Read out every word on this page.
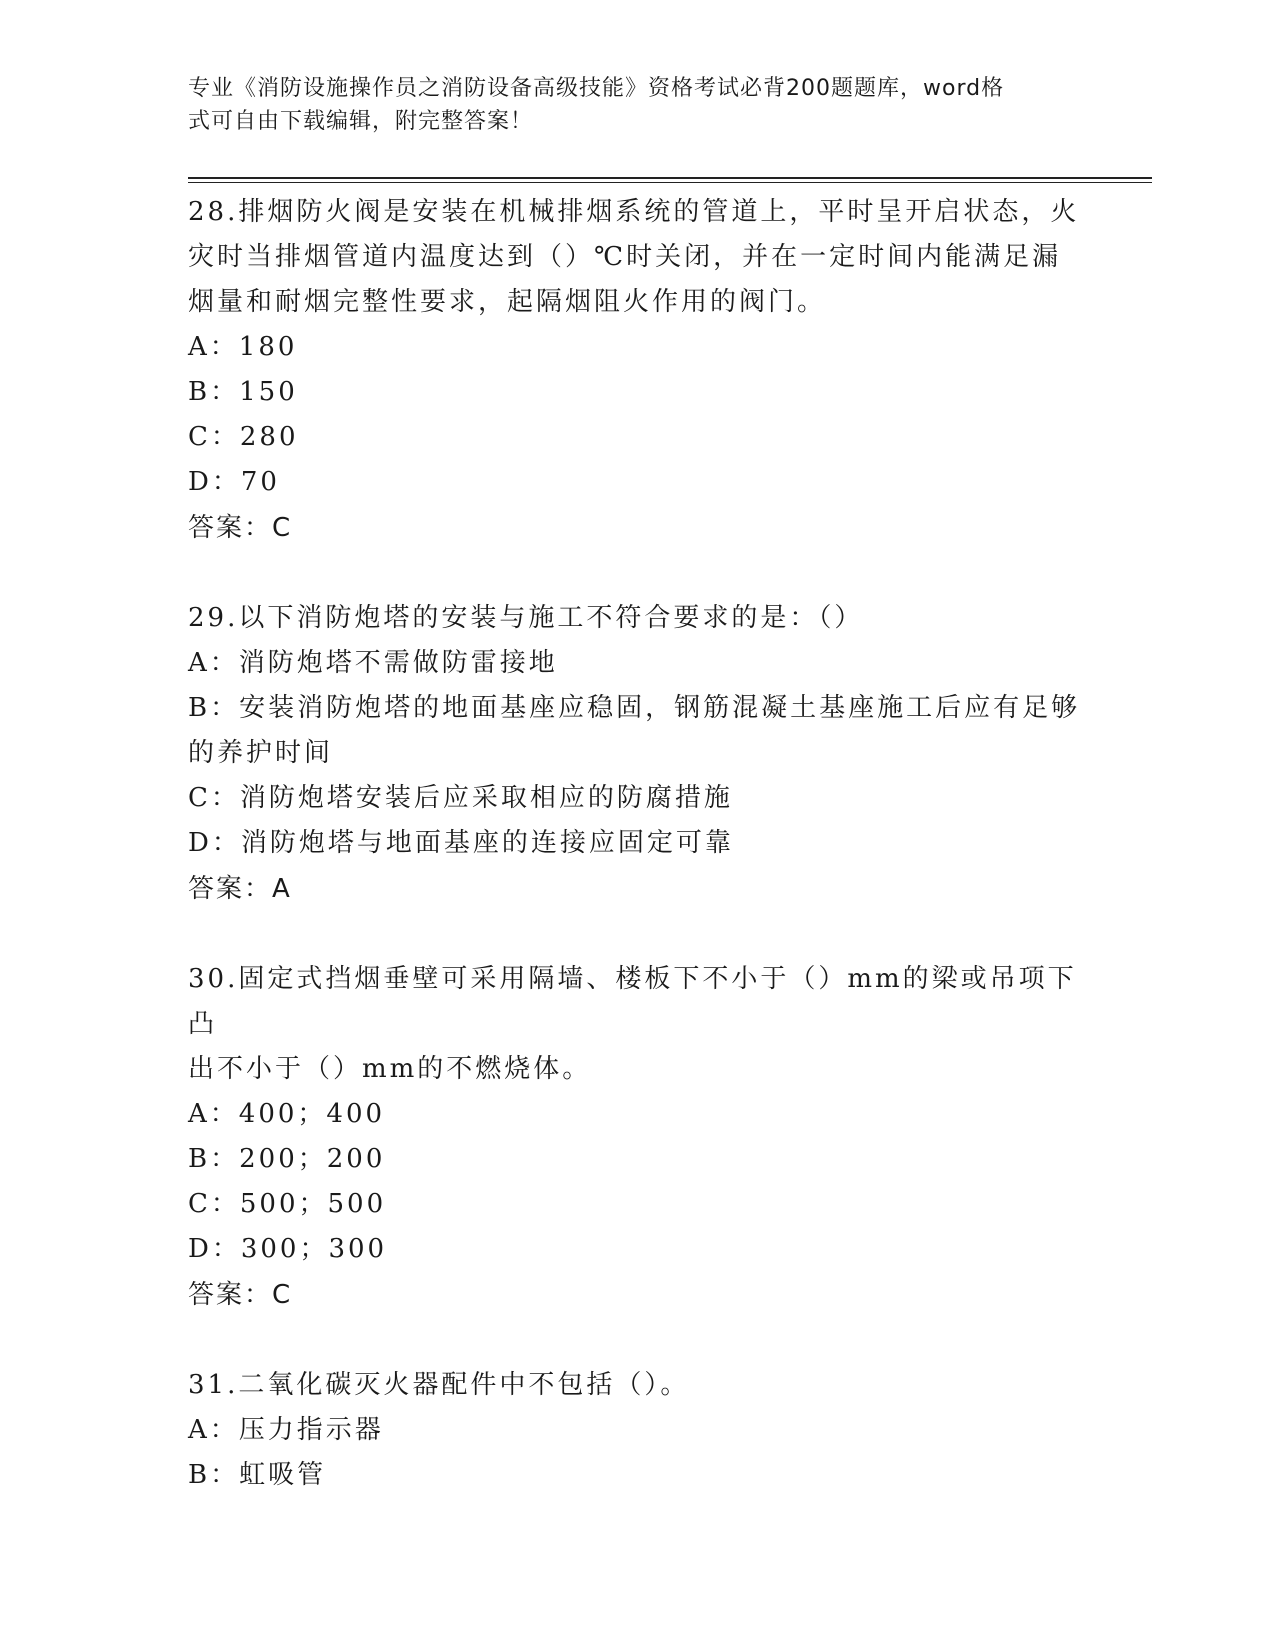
专业《消防设施操作员之消防设备高级技能》资格考试必背200题题库，word格
式可自由下载编辑，附完整答案！
28.排烟防火阀是安装在机械排烟系统的管道上，平时呈开启状态，火
灾时当排烟管道内温度达到（）℃时关闭，并在一定时间内能满足漏
烟量和耐烟完整性要求，起隔烟阻火作用的阀门。
A：180
B：150
C：280
D：70
答案：C
29.以下消防炮塔的安装与施工不符合要求的是：（）
A：消防炮塔不需做防雷接地
B：安装消防炮塔的地面基座应稳固，钢筋混凝土基座施工后应有足够
的养护时间
C：消防炮塔安装后应采取相应的防腐措施
D：消防炮塔与地面基座的连接应固定可靠
答案：A
30.固定式挡烟垂壁可采用隔墙、楼板下不小于（）mm的梁或吊项下凸
出不小于（）mm的不燃烧体。
A：400；400
B：200；200
C：500；500
D：300；300
答案：C
31.二氧化碳灭火器配件中不包括（）。
A：压力指示器
B：虹吸管
